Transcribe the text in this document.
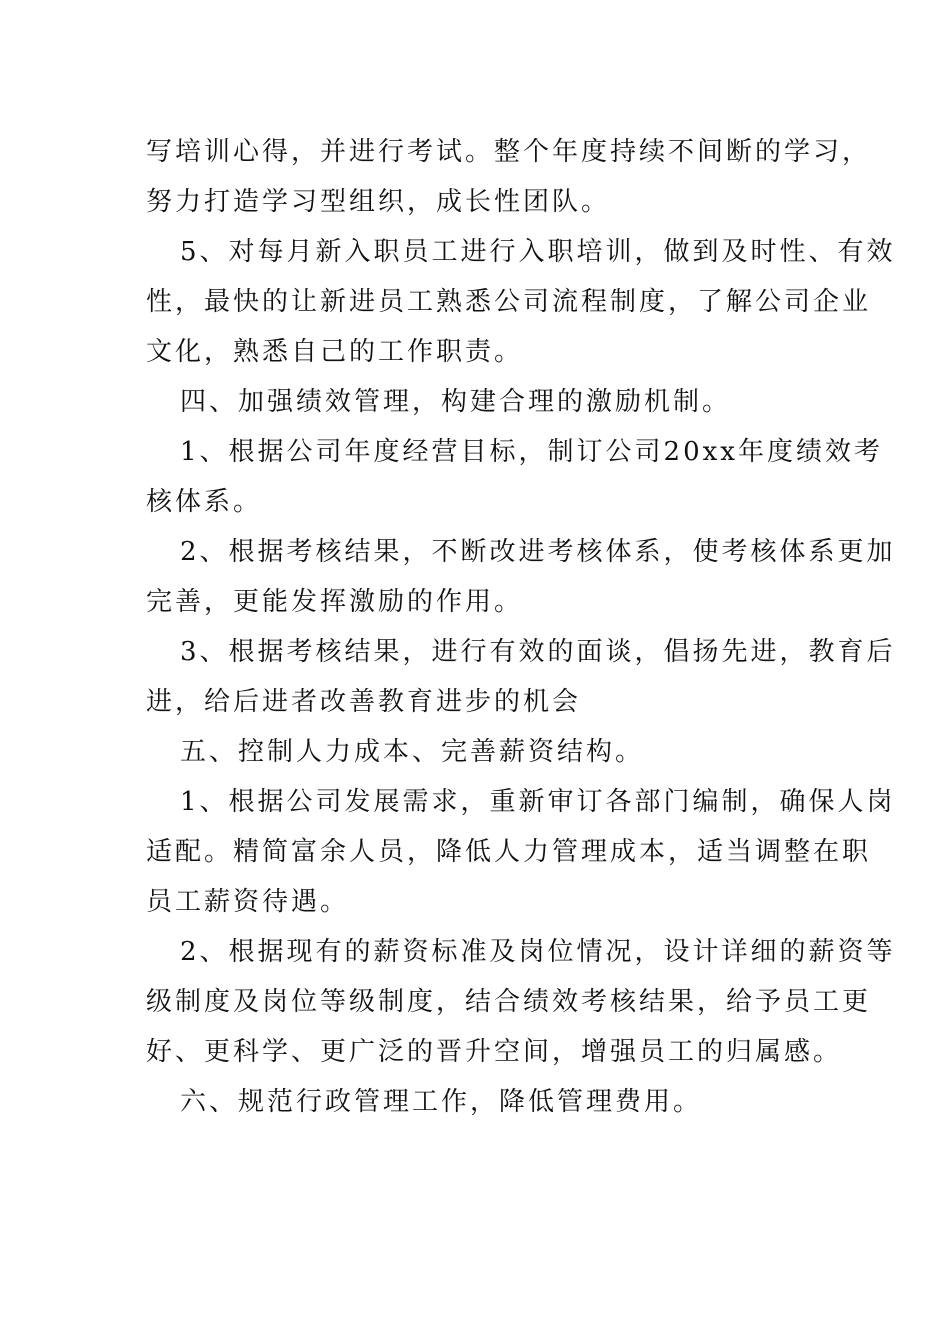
写培训心得，并进行考试。整个年度持续不间断的学习，
努力打造学习型组织，成长性团队。
5、对每月新入职员工进行入职培训，做到及时性、有效
性，最快的让新进员工熟悉公司流程制度，了解公司企业
文化，熟悉自己的工作职责。
四、加强绩效管理，构建合理的激励机制。
1、根据公司年度经营目标，制订公司20xx年度绩效考
核体系。
2、根据考核结果，不断改进考核体系，使考核体系更加
完善，更能发挥激励的作用。
3、根据考核结果，进行有效的面谈，倡扬先进，教育后
进，给后进者改善教育进步的机会
五、控制人力成本、完善薪资结构。
1、根据公司发展需求，重新审订各部门编制，确保人岗
适配。精简富余人员，降低人力管理成本，适当调整在职
员工薪资待遇。
2、根据现有的薪资标准及岗位情况，设计详细的薪资等
级制度及岗位等级制度，结合绩效考核结果，给予员工更
好、更科学、更广泛的晋升空间，增强员工的归属感。
六、规范行政管理工作，降低管理费用。
